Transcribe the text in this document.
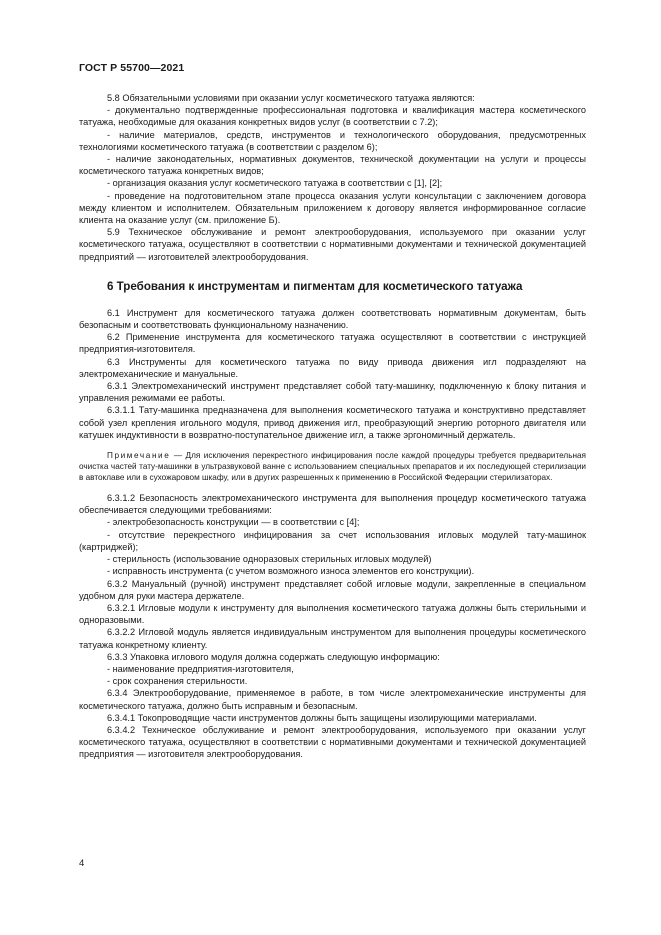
ГОСТ Р 55700—2021

5.8 Обязательными условиями при оказании услуг косметического татуажа являются:

- документально подтвержденные профессиональная подготовка и квалификация мастера косметического татуажа, необходимые для оказания конкретных видов услуг (в соответствии с 7.2);

- наличие материалов, средств, инструментов и технологического оборудования, предусмотренных технологиями косметического татуажа (в соответствии с разделом 6);

- наличие законодательных, нормативных документов, технической документации на услуги и процессы косметического татуажа конкретных видов;

- организация оказания услуг косметического татуажа в соответствии с [1], [2];

- проведение на подготовительном этапе процесса оказания услуги консультации с заключением договора между клиентом и исполнителем. Обязательным приложением к договору является информированное согласие клиента на оказание услуг (см. приложение Б).

5.9 Техническое обслуживание и ремонт электрооборудования, используемого при оказании услуг косметического татуажа, осуществляют в соответствии с нормативными документами и технической документацией предприятий — изготовителей электрооборудования.

6 Требования к инструментам и пигментам для косметического татуажа

6.1 Инструмент для косметического татуажа должен соответствовать нормативным документам, быть безопасным и соответствовать функциональному назначению.

6.2 Применение инструмента для косметического татуажа осуществляют в соответствии с инструкцией предприятия-изготовителя.

6.3 Инструменты для косметического татуажа по виду привода движения игл подразделяют на электромеханические и мануальные.

6.3.1 Электромеханический инструмент представляет собой тату-машинку, подключенную к блоку питания и управления режимами ее работы.

6.3.1.1 Тату-машинка предназначена для выполнения косметического татуажа и конструктивно представляет собой узел крепления игольного модуля, привод движения игл, преобразующий энергию роторного двигателя или катушек индуктивности в возвратно-поступательное движение игл, а также эргономичный держатель.

Примечание — Для исключения перекрестного инфицирования после каждой процедуры требуется предварительная очистка частей тату-машинки в ультразвуковой ванне с использованием специальных препаратов и их последующей стерилизации в автоклаве или в сухожаровом шкафу, или в других разрешенных к применению в Российской Федерации стерилизаторах.

6.3.1.2 Безопасность электромеханического инструмента для выполнения процедур косметического татуажа обеспечивается следующими требованиями:

- электробезопасность конструкции — в соответствии с [4];

- отсутствие перекрестного инфицирования за счет использования игловых модулей тату-машинок (картриджей);

- стерильность (использование одноразовых стерильных игловых модулей)

- исправность инструмента (с учетом возможного износа элементов его конструкции).

6.3.2 Мануальный (ручной) инструмент представляет собой игловые модули, закрепленные в специальном удобном для руки мастера держателе.

6.3.2.1 Игловые модули к инструменту для выполнения косметического татуажа должны быть стерильными и одноразовыми.

6.3.2.2 Игловой модуль является индивидуальным инструментом для выполнения процедуры косметического татуажа конкретному клиенту.

6.3.3 Упаковка иглового модуля должна содержать следующую информацию:

- наименование предприятия-изготовителя,

- срок сохранения стерильности.

6.3.4 Электрооборудование, применяемое в работе, в том числе электромеханические инструменты для косметического татуажа, должно быть исправным и безопасным.

6.3.4.1 Токопроводящие части инструментов должны быть защищены изолирующими материалами.

6.3.4.2 Техническое обслуживание и ремонт электрооборудования, используемого при оказании услуг косметического татуажа, осуществляют в соответствии с нормативными документами и технической документацией предприятия — изготовителя электрооборудования.

4
